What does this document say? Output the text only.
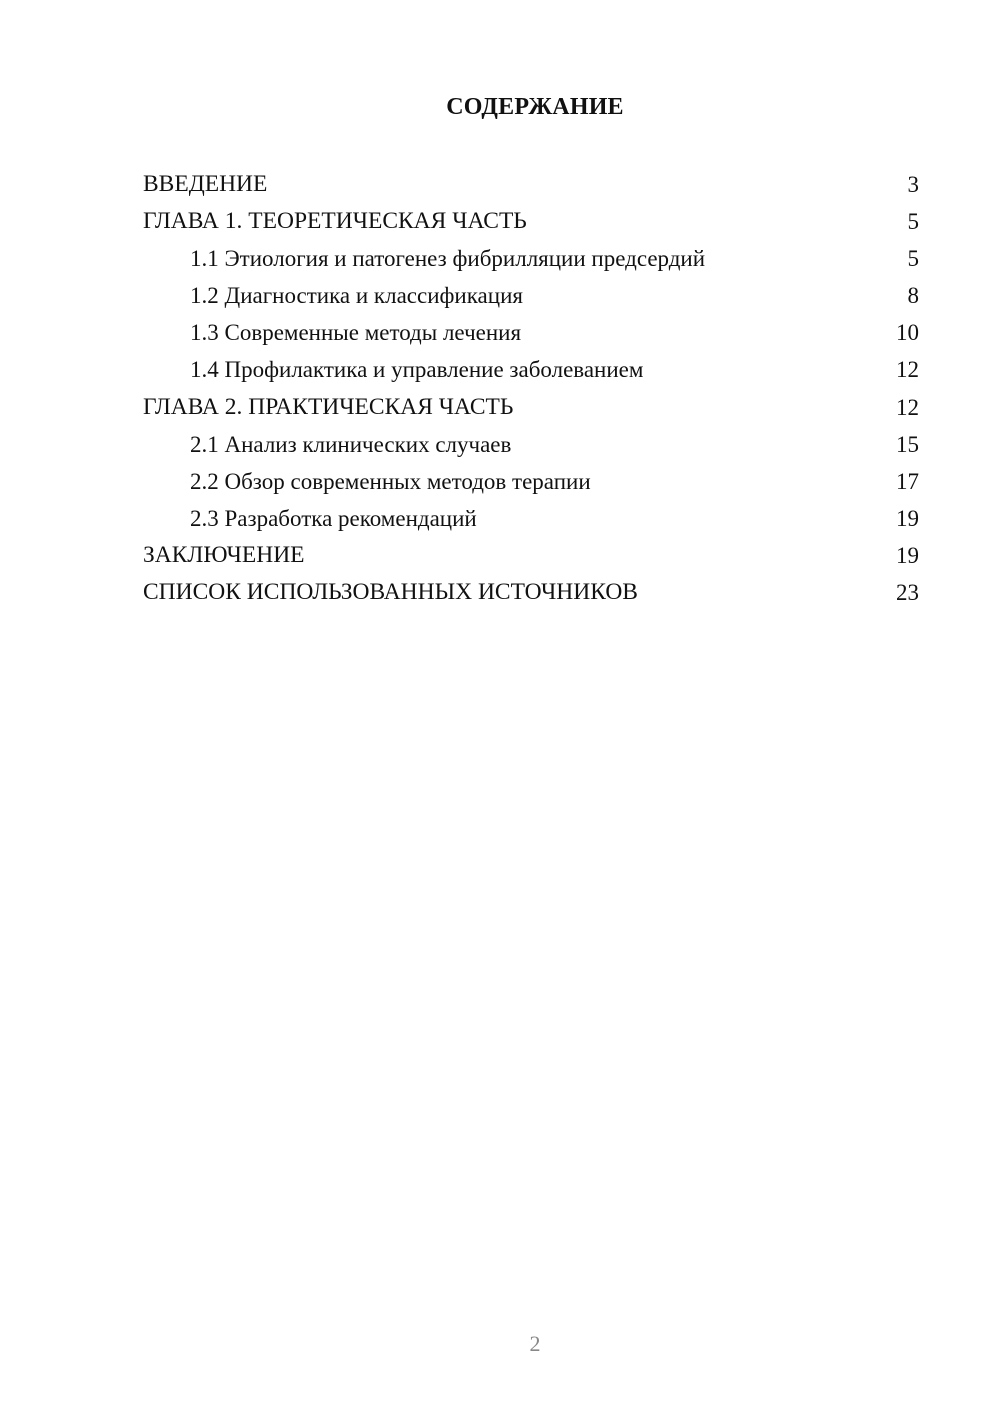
СОДЕРЖАНИЕ
ВВЕДЕНИЕ	3
ГЛАВА 1. ТЕОРЕТИЧЕСКАЯ ЧАСТЬ	5
1.1 Этиология и патогенез фибрилляции предсердий	5
1.2 Диагностика и классификация	8
1.3 Современные методы лечения	10
1.4 Профилактика и управление заболеванием	12
ГЛАВА 2. ПРАКТИЧЕСКАЯ ЧАСТЬ	12
2.1 Анализ клинических случаев	15
2.2 Обзор современных методов терапии	17
2.3 Разработка рекомендаций	19
ЗАКЛЮЧЕНИЕ	19
СПИСОК ИСПОЛЬЗОВАННЫХ ИСТОЧНИКОВ	23
2
